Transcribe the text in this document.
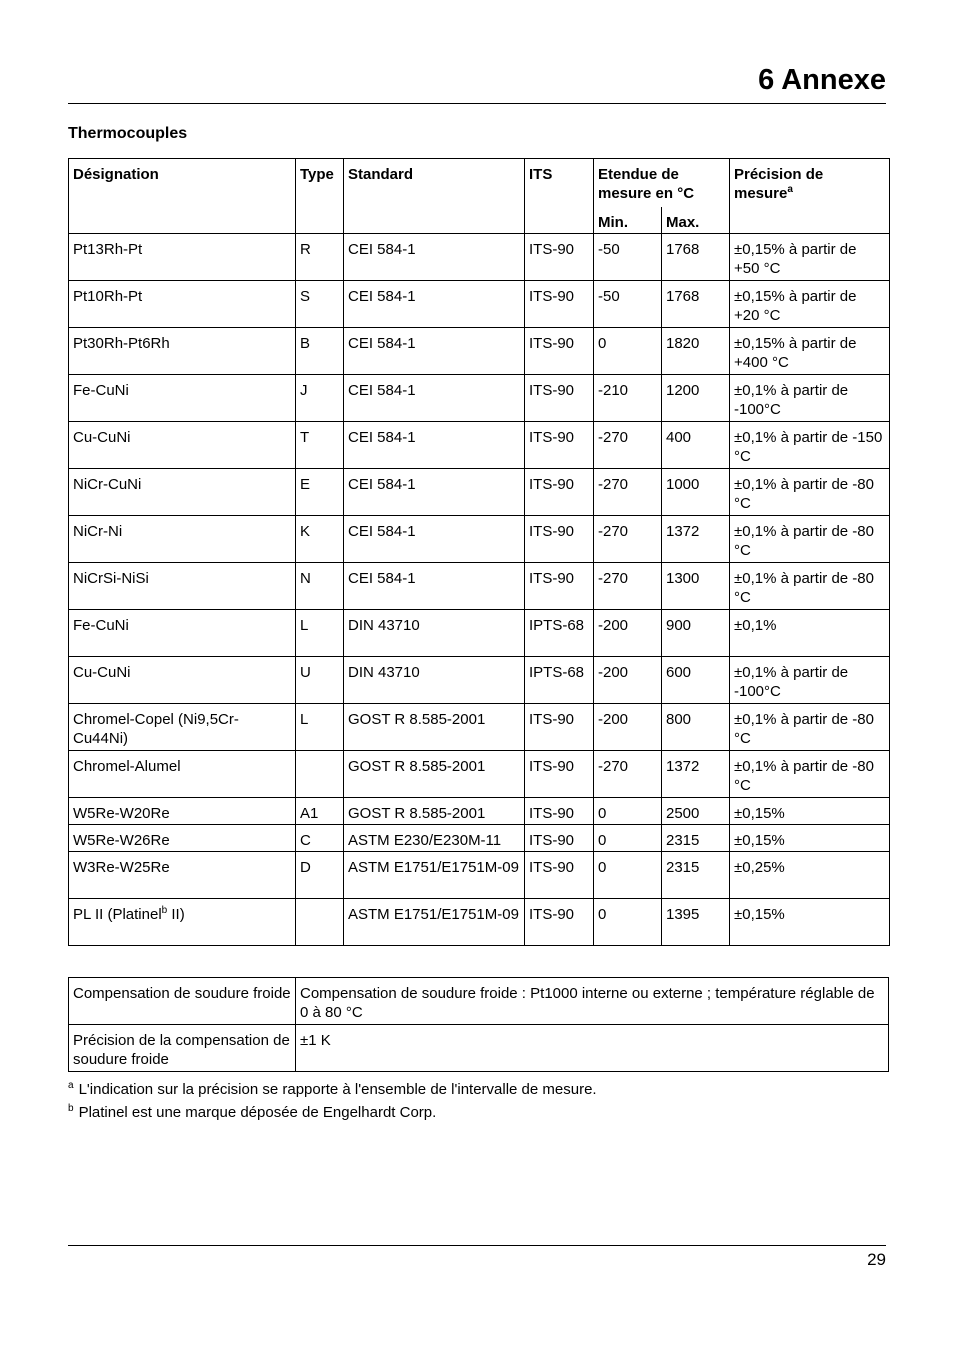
6 Annexe
Thermocouples
Désignation	Type	Standard	ITS	Etendue de mesure en °C		Précision de mesure$^a$
				Min.	Max.	
Pt13Rh-Pt	R	CEI 584-1	ITS-90	-50	1768	±0,15% à partir de +50 °C
Pt10Rh-Pt	S	CEI 584-1	ITS-90	-50	1768	±0,15% à partir de +20 °C
Pt30Rh-Pt6Rh	B	CEI 584-1	ITS-90	0	1820	±0,15% à partir de +400 °C
Fe-CuNi	J	CEI 584-1	ITS-90	-210	1200	±0,1% à partir de -100°C
Cu-CuNi	T	CEI 584-1	ITS-90	-270	400	±0,1% à partir de -150 °C
NiCr-CuNi	E	CEI 584-1	ITS-90	-270	1000	±0,1% à partir de -80 °C
NiCr-Ni	K	CEI 584-1	ITS-90	-270	1372	±0,1% à partir de -80 °C
NiCrSi-NiSi	N	CEI 584-1	ITS-90	-270	1300	±0,1% à partir de -80 °C
Fe-CuNi	L	DIN 43710	IPTS-68	-200	900	±0,1%
Cu-CuNi	U	DIN 43710	IPTS-68	-200	600	±0,1% à partir de -100°C
Chromel-Copel (Ni9,5Cr-Cu44Ni)	L	GOST R 8.585-2001	ITS-90	-200	800	±0,1% à partir de -80 °C
Chromel-Alumel		GOST R 8.585-2001	ITS-90	-270	1372	±0,1% à partir de -80 °C
W5Re-W20Re	A1	GOST R 8.585-2001	ITS-90	0	2500	±0,15%
W5Re-W26Re	C	ASTM E230/E230M-11	ITS-90	0	2315	±0,15%
W3Re-W25Re	D	ASTM E1751/E1751M-09	ITS-90	0	2315	±0,25%
PL II (Platinel$^b$ II)		ASTM E1751/E1751M-09	ITS-90	0	1395	±0,15%
Compensation de soudure froide	Compensation de soudure froide : Pt1000 interne ou externe ; température réglable de 0 à 80 °C
Précision de la compensation de soudure froide	±1 K
$^a$ L'indication sur la précision se rapporte à l'ensemble de l'intervalle de mesure.
$^b$ Platinel est une marque déposée de Engelhardt Corp.
29
